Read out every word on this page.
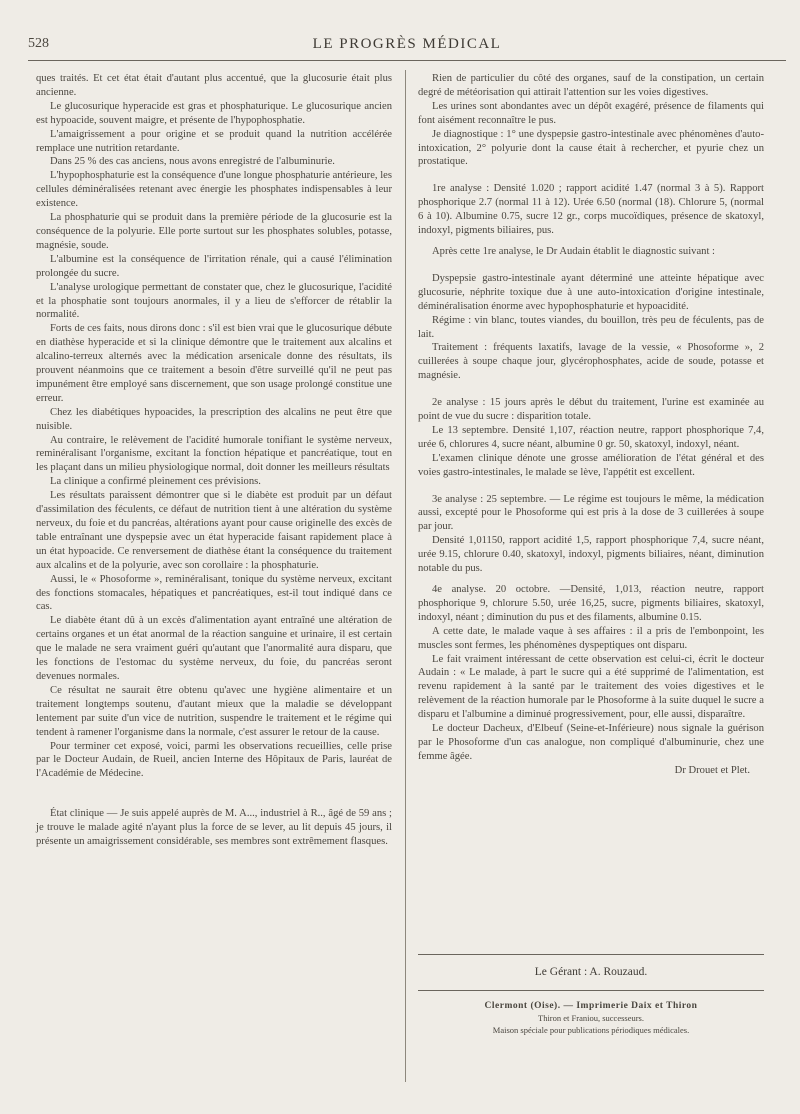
528	LE PROGRÈS MÉDICAL

ques traités. Et cet état était d'autant plus accentué, que la glucosurie était plus ancienne.

Le glucosurique hyperacide est gras et phosphaturique. Le glucosurique ancien est hypoacide, souvent maigre, et présente de l'hypophosphatie.

L'amaigrissement a pour origine et se produit quand la nutrition accélérée remplace une nutrition retardante.

Dans 25 % des cas anciens, nous avons enregistré de l'albuminurie.

L'hypophosphaturie est la conséquence d'une longue phosphaturie antérieure, les cellules déminéralisées retenant avec énergie les phosphates indispensables à leur existence.

La phosphaturie qui se produit dans la première période de la glucosurie est la conséquence de la polyurie. Elle porte surtout sur les phosphates solubles, potasse, magnésie, soude.

L'albumine est la conséquence de l'irritation rénale, qui a causé l'élimination prolongée du sucre.

L'analyse urologique permettant de constater que, chez le glucosurique, l'acidité et la phosphatie sont toujours anormales, il y a lieu de s'efforcer de rétablir la normalité.

Forts de ces faits, nous dirons donc : s'il est bien vrai que le glucosurique débute en diathèse hyperacide et si la clinique démontre que le traitement aux alcalins et alcalino-terreux alternés avec la médication arsenicale donne des résultats, ils prouvent néanmoins que ce traitement a besoin d'être surveillé qu'il ne peut pas impunément être employé sans discernement, que son usage prolongé constitue une erreur.

Chez les diabétiques hypoacides, la prescription des alcalins ne peut être que nuisible.

Au contraire, le relèvement de l'acidité humorale tonifiant le système nerveux, reminéralisant l'organisme, excitant la fonction hépatique et pancréatique, tout en les plaçant dans un milieu physiologique normal, doit donner les meilleurs résultats

La clinique a confirmé pleinement ces prévisions.

Les résultats paraissent démontrer que si le diabète est produit par un défaut d'assimilation des féculents, ce défaut de nutrition tient à une altération du système nerveux, du foie et du pancréas, altérations ayant pour cause originelle des excès de table entraînant une dyspepsie avec un état hyperacide faisant rapidement place à un état hypoacide. Ce renversement de diathèse étant la conséquence du traitement aux alcalins et de la polyurie, avec son corollaire : la phosphaturie.

Aussi, le « Phosoforme », reminéralisant, tonique du système nerveux, excitant des fonctions stomacales, hépatiques et pancréatiques, est-il tout indiqué dans ce cas.

Le diabète étant dû à un excès d'alimentation ayant entraîné une altération de certains organes et un état anormal de la réaction sanguine et urinaire, il est certain que le malade ne sera vraiment guéri qu'autant que l'anormalité aura disparu, que les fonctions de l'estomac du système nerveux, du foie, du pancréas seront devenues normales.

Ce résultat ne saurait être obtenu qu'avec une hygiène alimentaire et un traitement longtemps soutenu, d'autant mieux que la maladie se développant lentement par suite d'un vice de nutrition, suspendre le traitement et le régime qui tendent à ramener l'organisme dans la normale, c'est assurer le retour de la cause.

Pour terminer cet exposé, voici, parmi les observations recueillies, celle prise par le Docteur Audain, de Rueil, ancien Interne des Hôpitaux de Paris, lauréat de l'Académie de Médecine.

État clinique — Je suis appelé auprès de M. A..., industriel à R.., âgé de 59 ans ; je trouve le malade agité n'ayant plus la force de se lever, au lit depuis 45 jours, il présente un amaigrissement considérable, ses membres sont extrêmement flasques.

Rien de particulier du côté des organes, sauf de la constipation, un certain degré de météorisation qui attirait l'attention sur les voies digestives.

Les urines sont abondantes avec un dépôt exagéré, présence de filaments qui font aisément reconnaître le pus.

Je diagnostique : 1° une dyspepsie gastro-intestinale avec phénomènes d'auto-intoxication, 2° polyurie dont la cause était à rechercher, et pyurie chez un prostatique.

1re analyse : Densité 1.020 ; rapport acidité 1.47 (normal 3 à 5). Rapport phosphorique 2.7 (normal 11 à 12). Urée 6.50 (normal (18). Chlorure 5, (normal 6 à 10). Albumine 0.75, sucre 12 gr., corps mucoïdiques, présence de skatoxyl, indoxyl, pigments biliaires, pus.

Après cette 1re analyse, le Dr Audain établit le diagnostic suivant :

Dyspepsie gastro-intestinale ayant déterminé une atteinte hépatique avec glucosurie, néphrite toxique due à une auto-intoxication d'origine intestinale, déminéralisation énorme avec hypophosphaturie et hypoacidité.

Régime : vin blanc, toutes viandes, du bouillon, très peu de féculents, pas de lait.

Traitement : fréquents laxatifs, lavage de la vessie, « Phosoforme », 2 cuillerées à soupe chaque jour, glycérophosphates, acide de soude, potasse et magnésie.

2e analyse : 15 jours après le début du traitement, l'urine est examinée au point de vue du sucre : disparition totale.

Le 13 septembre. Densité 1,107, réaction neutre, rapport phosphorique 7,4, urée 6, chlorures 4, sucre néant, albumine 0 gr. 50, skatoxyl, indoxyl, néant.

L'examen clinique dénote une grosse amélioration de l'état général et des voies gastro-intestinales, le malade se lève, l'appétit est excellent.

3e analyse : 25 septembre. — Le régime est toujours le même, la médication aussi, excepté pour le Phosoforme qui est pris à la dose de 3 cuillerées à soupe par jour.

Densité 1,01150, rapport acidité 1,5, rapport phosphorique 7,4, sucre néant, urée 9.15, chlorure 0.40, skatoxyl, indoxyl, pigments biliaires, néant, diminution notable du pus.

4e analyse. 20 octobre. —Densité, 1,013, réaction neutre, rapport phosphorique 9, chlorure 5.50, urée 16,25, sucre, pigments biliaires, skatoxyl, indoxyl, néant ; diminution du pus et des filaments, albumine 0.15.

A cette date, le malade vaque à ses affaires : il a pris de l'embonpoint, les muscles sont fermes, les phénomènes dyspeptiques ont disparu.

Le fait vraiment intéressant de cette observation est celui-ci, écrit le docteur Audain : « Le malade, à part le sucre qui a été supprimé de l'alimentation, est revenu rapidement à la santé par le traitement des voies digestives et le relèvement de la réaction humorale par le Phosoforme à la suite duquel le sucre a disparu et l'albumine a diminué progressivement, pour, elle aussi, disparaître.

Le docteur Dacheux, d'Elbeuf (Seine-et-Inférieure) nous signale la guérison par le Phosoforme d'un cas analogue, non compliqué d'albuminurie, chez une femme âgée.

Dr Drouet et Plet.

Le Gérant : A. Rouzaud.
Clermont (Oise). — Imprimerie Daix et Thiron
Thiron et Franiou, successeurs.
Maison spéciale pour publications périodiques médicales.
